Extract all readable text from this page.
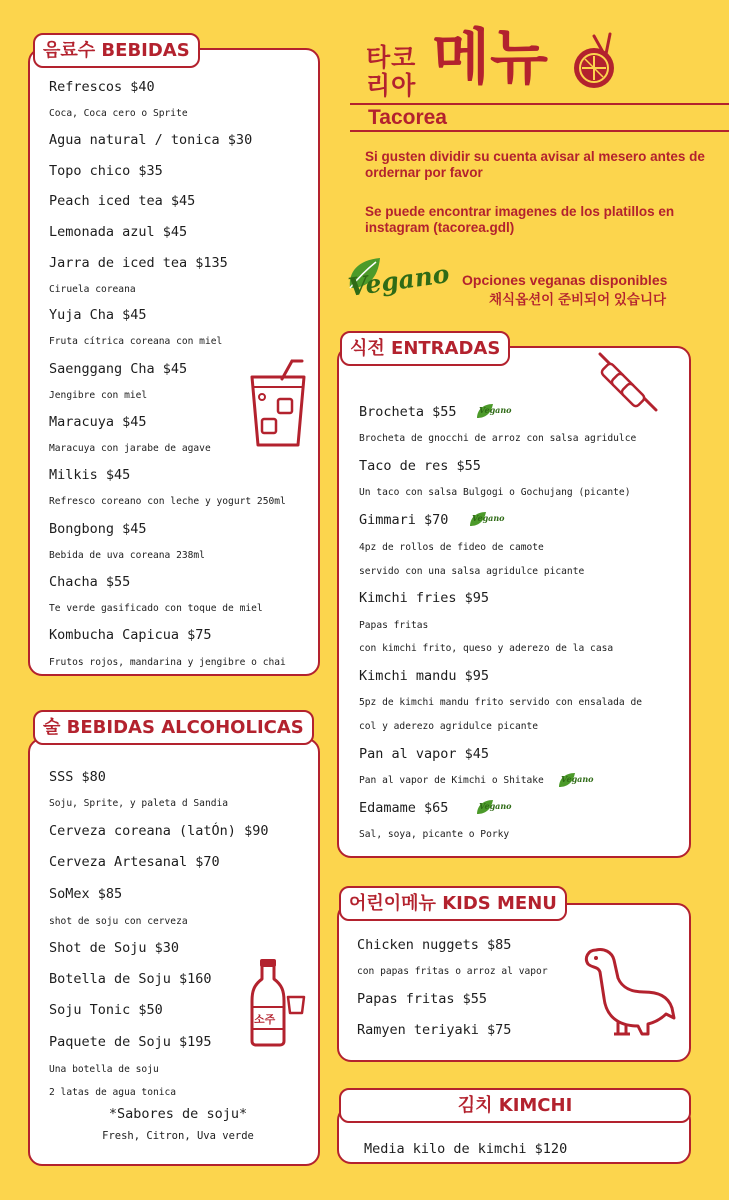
타코
리아 메뉴
Tacorea
Si gusten dividir su cuenta avisar al mesero antes de ordernar por favor
Se puede encontrar imagenes de los platillos en instagram (tacorea.gdl)
Vegano Opciones veganas disponibles
채식옵션이 준비되어 있습니다
음료수 BEBIDAS
Refrescos $40
Coca, Coca cero o Sprite
Agua natural / tonica $30
Topo chico $35
Peach iced tea $45
Lemonada azul $45
Jarra de iced tea $135
Ciruela coreana
Yuja Cha $45
Fruta cítrica coreana con miel
Saenggang Cha $45
Jengibre con miel
Maracuya $45
Maracuya con jarabe de agave
Milkis $45
Refresco coreano con leche y yogurt 250ml
Bongbong $45
Bebida de uva coreana 238ml
Chacha $55
Te verde gasificado con toque de miel
Kombucha Capicua $75
Frutos rojos, mandarina y jengibre o chai
술 BEBIDAS ALCOHOLICAS
SSS $80
Soju, Sprite, y paleta d Sandia
Cerveza coreana (latÓn) $90
Cerveza Artesanal $70
SoMex $85
shot de soju con cerveza
Shot de Soju $30
Botella de Soju $160
Soju Tonic $50
Paquete de Soju $195
Una botella de soju
2 latas de agua tonica
*Sabores de soju*
Fresh, Citron, Uva verde
소주
식전 ENTRADAS
Brocheta $55	Vegano
Brocheta de gnocchi de arroz con salsa agridulce
Taco de res $55
Un taco con salsa Bulgogi o Gochujang (picante)
Gimmari $70	Vegano
4pz de rollos de fideo de camote
servido con una salsa agridulce picante
Kimchi fries $95
Papas fritas
con kimchi frito, queso y aderezo de la casa
Kimchi mandu $95
5pz de kimchi mandu frito servido con ensalada de
col y aderezo agridulce picante
Pan al vapor $45
Pan al vapor de Kimchi o Shitake Vegano
Edamame $65	Vegano
Sal, soya, picante o Porky
어린이메뉴 KIDS MENU
Chicken nuggets $85
con papas fritas o arroz al vapor
Papas fritas $55
Ramyen teriyaki $75
김치 KIMCHI
Media kilo de kimchi $120
